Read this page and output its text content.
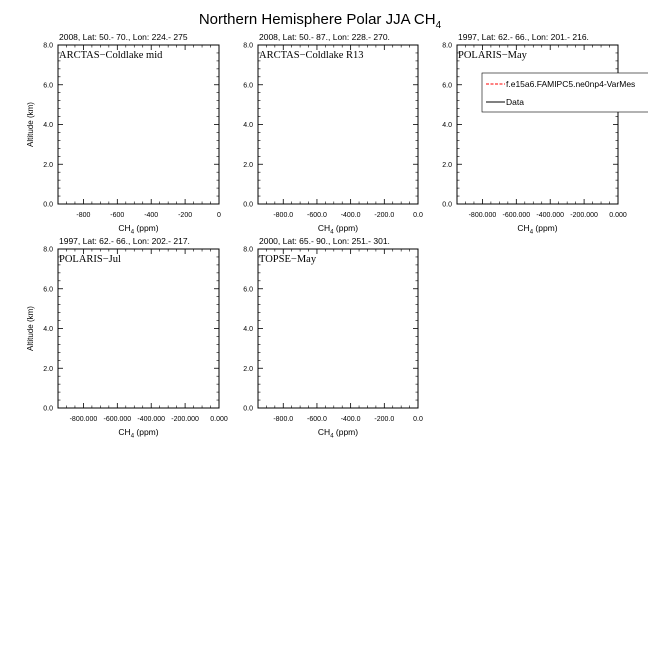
Northern Hemisphere Polar JJA $CH_4$
2008, Lat: 50.- 70., Lon: 224.- 275
ARCTAS−Coldlake mid
-800	-600	-400	-200	0
0.0
2.0
4.0
6.0
8.0
$CH_4$ (ppm)
Altitude (km)
2008, Lat: 50.- 87., Lon: 228.- 270.
ARCTAS−Coldlake R13
-800.0 -600.0 -400.0 -200.0	0.0
0.0
2.0
4.0
6.0
8.0
$CH_4$ (ppm)
1997, Lat: 62.- 66., Lon: 201.- 216.
POLARIS−May
-800.000 -600.000 -400.000 -200.000 0.000
0.0
2.0
4.0
6.0
8.0
$CH_4$ (ppm)
f.e15a6.FAMIPC5.ne0np4-VarMes
Data
1997, Lat: 62.- 66., Lon: 202.- 217.
POLARIS−Jul
-800.000 -600.000 -400.000 -200.000 0.000
0.0
2.0
4.0
6.0
8.0
$CH_4$ (ppm)
Altitude (km)
2000, Lat: 65.- 90., Lon: 251.- 301.
TOPSE−May
-800.0 -600.0 -400.0 -200.0	0.0
0.0
2.0
4.0
6.0
8.0
$CH_4$ (ppm)
